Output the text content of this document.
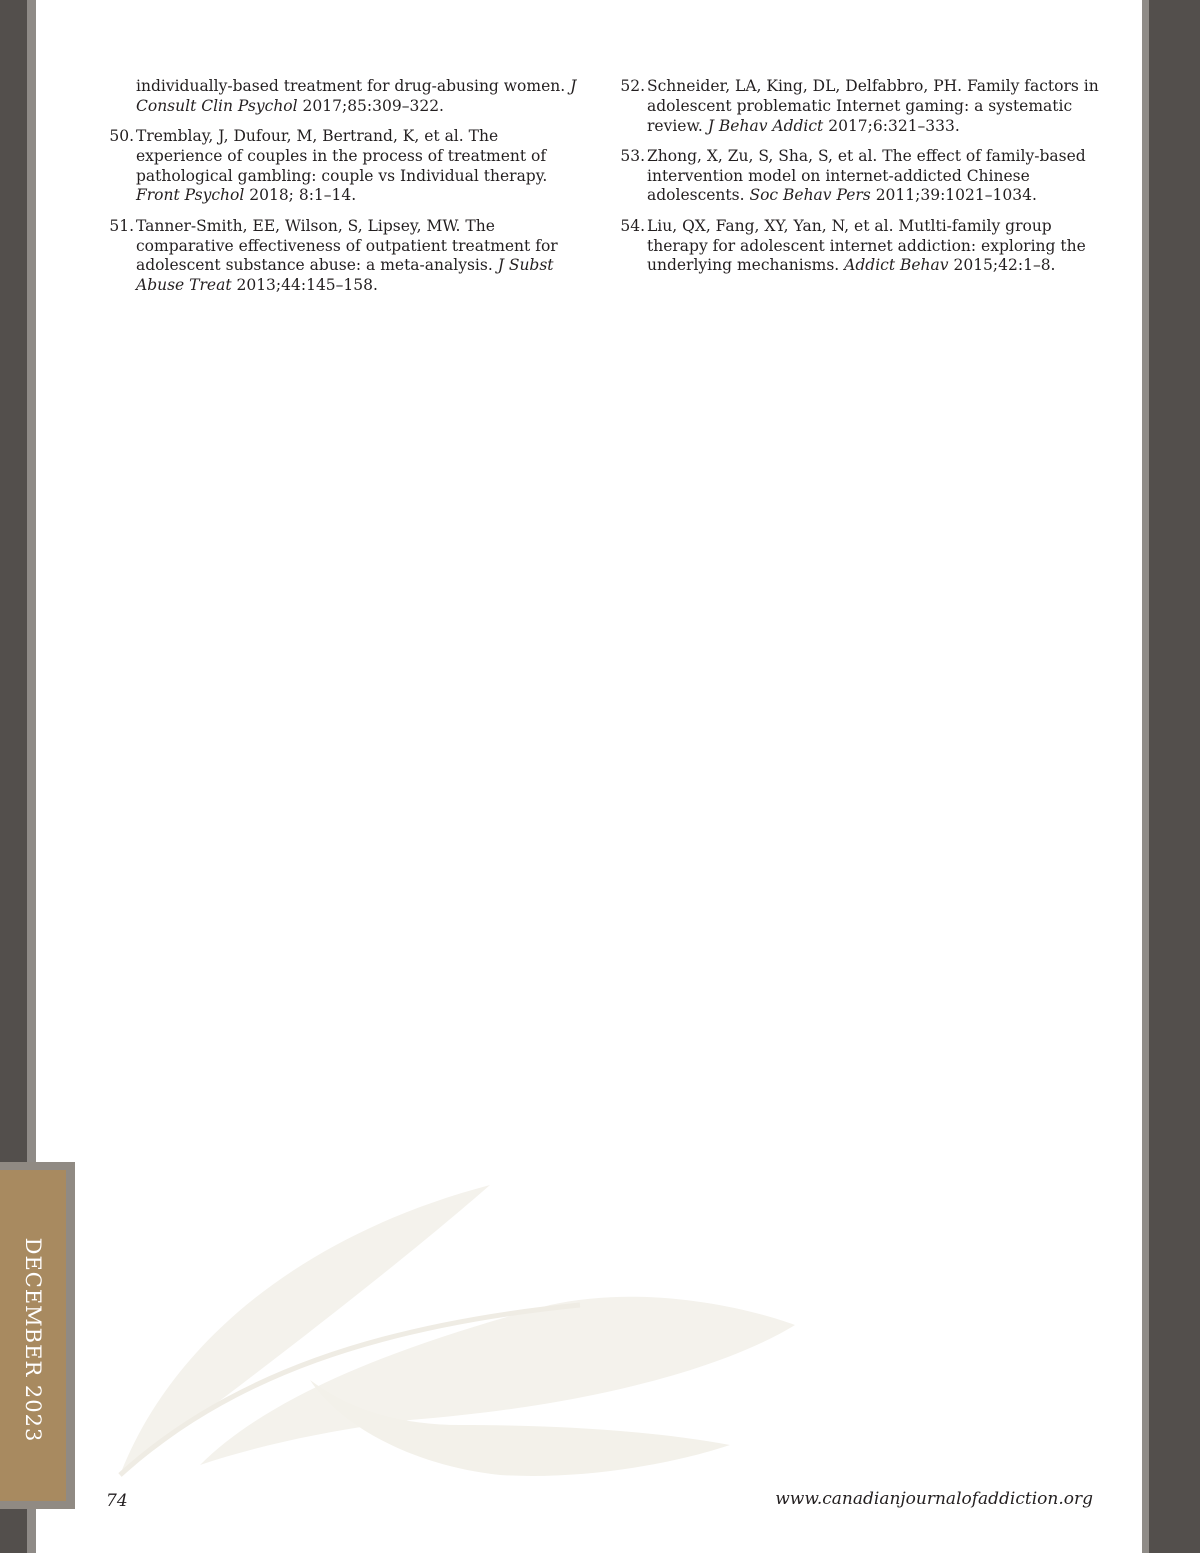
individually-based treatment for drug-abusing women. J Consult Clin Psychol 2017;85:309–322.
50. Tremblay, J, Dufour, M, Bertrand, K, et al. The experience of couples in the process of treatment of pathological gambling: couple vs Individual therapy. Front Psychol 2018; 8:1–14.
51. Tanner-Smith, EE, Wilson, S, Lipsey, MW. The comparative effectiveness of outpatient treatment for adolescent substance abuse: a meta-analysis. J Subst Abuse Treat 2013;44:145–158.
52. Schneider, LA, King, DL, Delfabbro, PH. Family factors in adolescent problematic Internet gaming: a systematic review. J Behav Addict 2017;6:321–333.
53. Zhong, X, Zu, S, Sha, S, et al. The effect of family-based intervention model on internet-addicted Chinese adolescents. Soc Behav Pers 2011;39:1021–1034.
54. Liu, QX, Fang, XY, Yan, N, et al. Mutlti-family group therapy for adolescent internet addiction: exploring the underlying mechanisms. Addict Behav 2015;42:1–8.
DECEMBER 2023
74	www.canadianjournalofaddiction.org
